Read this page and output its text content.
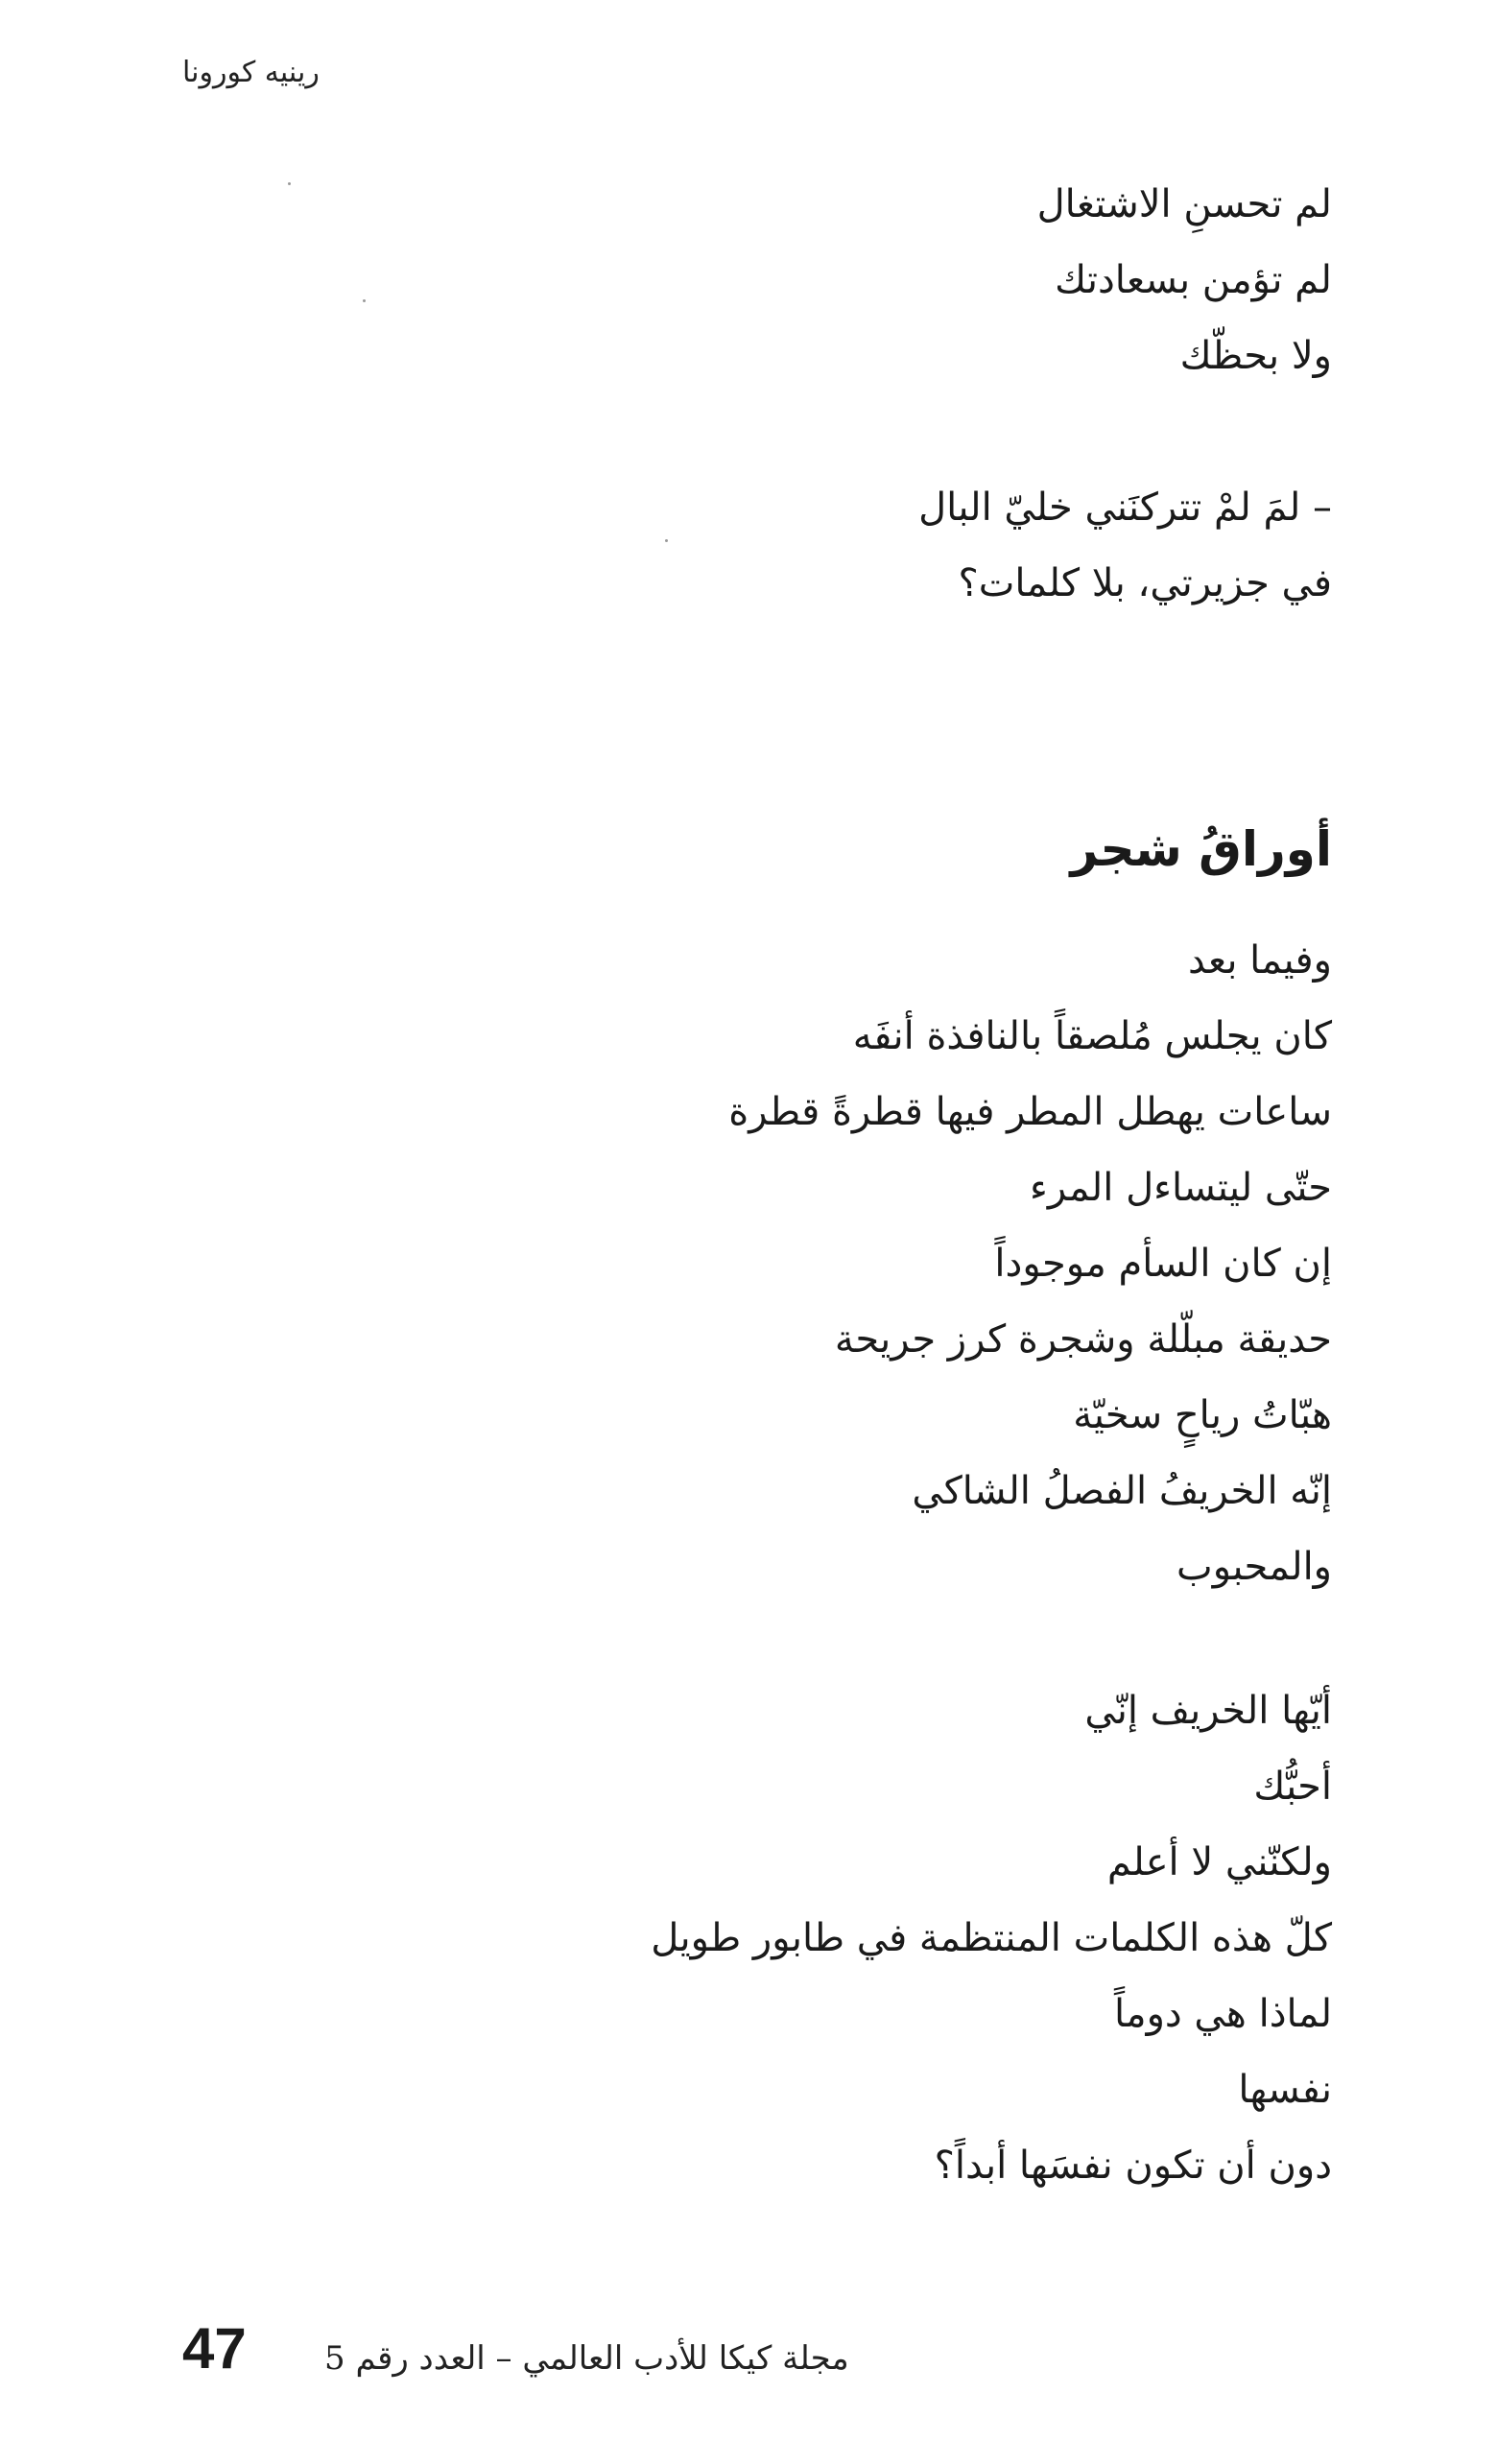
رينيه كورونا
لم تحسنِ الاشتغال
لم تؤمن بسعادتك
ولا بحظّك
– لمَ لمْ تتركنَني خليّ البال
في جزيرتي، بلا كلمات؟
أوراقُ شجر
وفيما بعد
كان يجلس مُلصقاً بالنافذة أنفَه
ساعات يهطل المطر فيها قطرةً قطرة
حتّى ليتساءل المرء
إن كان السأم موجوداً
حديقة مبلّلة وشجرة كرز جريحة
هبّاتُ رياحٍ سخيّة
إنّه الخريفُ الفصلُ الشاكي
والمحبوب
أيّها الخريف إنّي
أحبُّك
ولكنّني لا أعلم
كلّ هذه الكلمات المنتظمة في طابور طويل
لماذا هي دوماً
نفسها
دون أن تكون نفسَها أبداً؟
47 مجلة كيكا للأدب العالمي – العدد رقم 5
